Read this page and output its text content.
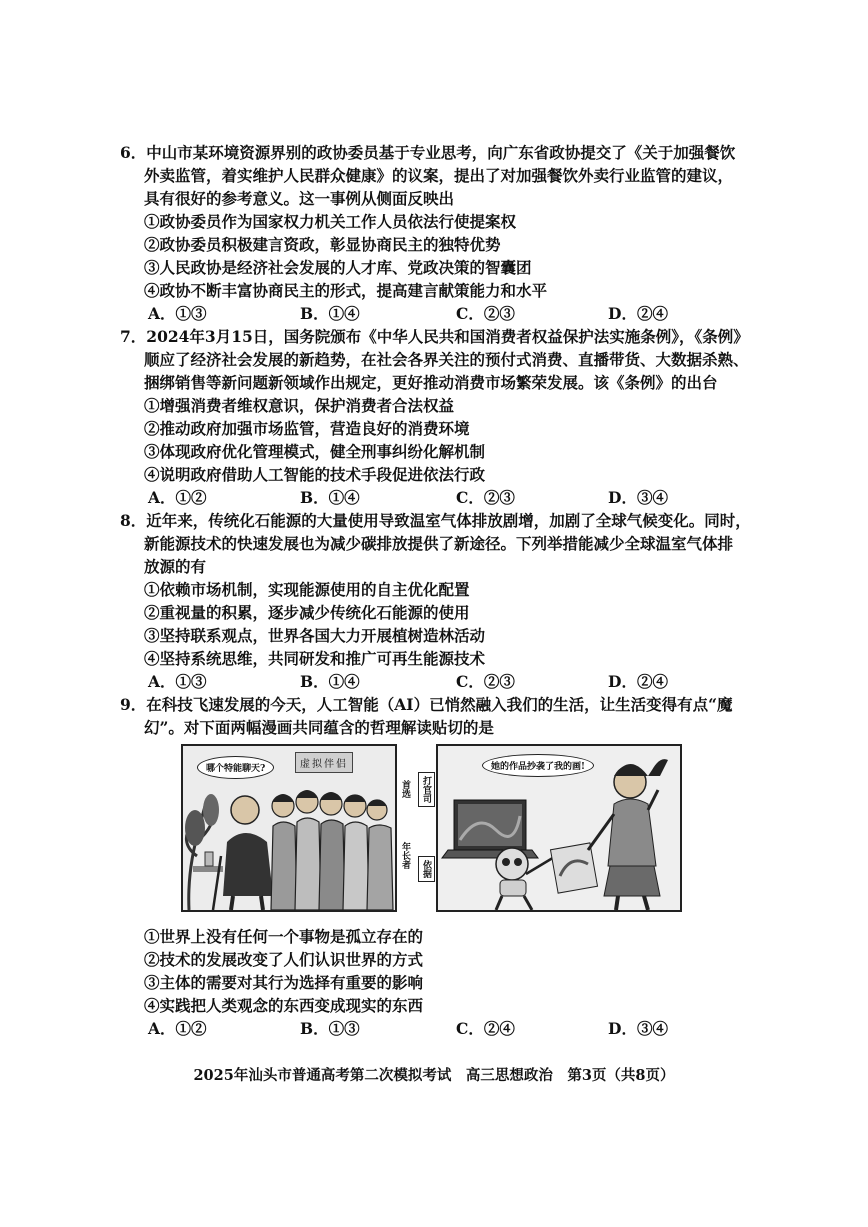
6．中山市某环境资源界别的政协委员基于专业思考，向广东省政协提交了《关于加强餐饮
外卖监管，着实维护人民群众健康》的议案，提出了对加强餐饮外卖行业监管的建议，
具有很好的参考意义。这一事例从侧面反映出
①政协委员作为国家权力机关工作人员依法行使提案权
②政协委员积极建言资政，彰显协商民主的独特优势
③人民政协是经济社会发展的人才库、党政决策的智囊团
④政协不断丰富协商民主的形式，提高建言献策能力和水平
A．①③	B．①④	C．②③	D．②④
7．2024年3月15日，国务院颁布《中华人民共和国消费者权益保护法实施条例》，《条例》
顺应了经济社会发展的新趋势，在社会各界关注的预付式消费、直播带货、大数据杀熟、
捆绑销售等新问题新领域作出规定，更好推动消费市场繁荣发展。该《条例》的出台
①增强消费者维权意识，保护消费者合法权益
②推动政府加强市场监管，营造良好的消费环境
③体现政府优化管理模式，健全刑事纠纷化解机制
④说明政府借助人工智能的技术手段促进依法行政
A．①②	B．①④	C．②③	D．③④
8．近年来，传统化石能源的大量使用导致温室气体排放剧增，加剧了全球气候变化。同时，
新能源技术的快速发展也为减少碳排放提供了新途径。下列举措能减少全球温室气体排
放源的有
①依赖市场机制，实现能源使用的自主优化配置
②重视量的积累，逐步减少传统化石能源的使用
③坚持联系观点，世界各国大力开展植树造林活动
④坚持系统思维，共同研发和推广可再生能源技术
A．①③	B．①④	C．②③	D．②④
9．在科技飞速发展的今天，人工智能（AI）已悄然融入我们的生活，让生活变得有点“魔
幻”。对下面两幅漫画共同蕴含的哲理解读贴切的是
虚拟伴侣
哪个特能聊天?
首选
年长者
打官司
依据
她的作品抄袭了我的画!
①世界上没有任何一个事物是孤立存在的
②技术的发展改变了人们认识世界的方式
③主体的需要对其行为选择有重要的影响
④实践把人类观念的东西变成现实的东西
A．①②	B．①③	C．②④	D．③④
2025年汕头市普通高考第二次模拟考试　高三思想政治　第3页（共8页）
